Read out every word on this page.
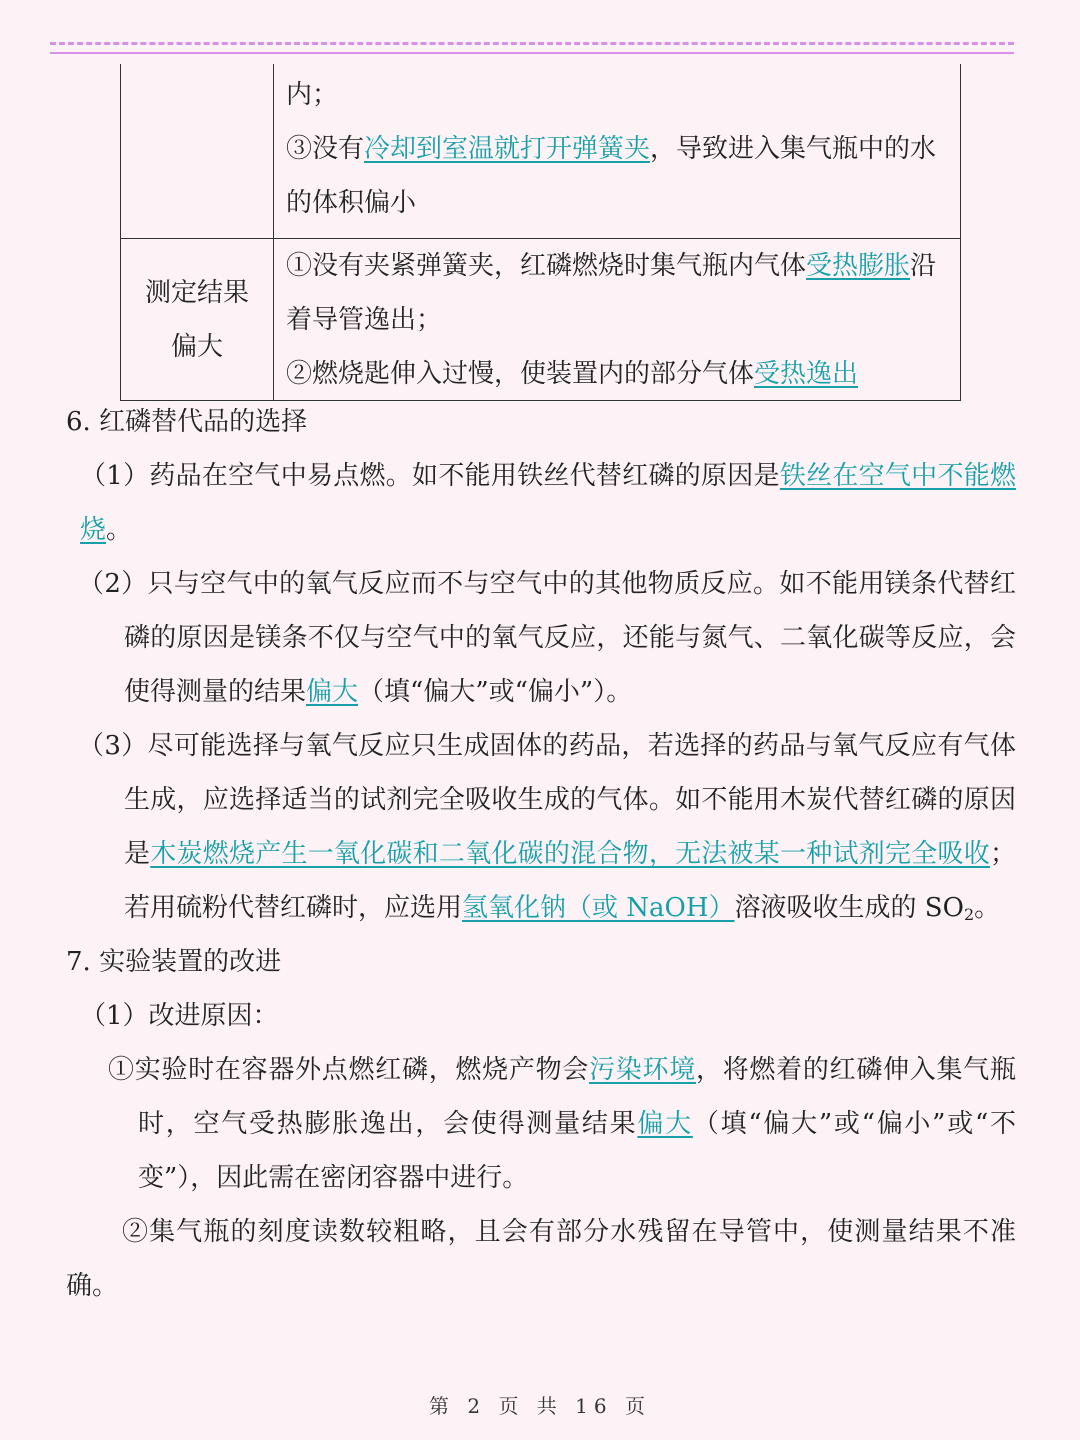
	内；
③没有冷却到室温就打开弹簧夹，导致进入集气瓶中的水的体积偏小

测定结果
偏大	①没有夹紧弹簧夹，红磷燃烧时集气瓶内气体受热膨胀沿着导管逸出；
②燃烧匙伸入过慢，使装置内的部分气体受热逸出

6. 红磷替代品的选择

（1）药品在空气中易点燃。如不能用铁丝代替红磷的原因是铁丝在空气中不能燃烧。

（2）只与空气中的氧气反应而不与空气中的其他物质反应。如不能用镁条代替红磷的原因是镁条不仅与空气中的氧气反应，还能与氮气、二氧化碳等反应，会使得测量的结果偏大（填“偏大”或“偏小”）。

（3）尽可能选择与氧气反应只生成固体的药品，若选择的药品与氧气反应有气体生成，应选择适当的试剂完全吸收生成的气体。如不能用木炭代替红磷的原因是木炭燃烧产生一氧化碳和二氧化碳的混合物，无法被某一种试剂完全吸收；若用硫粉代替红磷时，应选用氢氧化钠（或 NaOH）溶液吸收生成的 $SO_2$。

7. 实验装置的改进

（1）改进原因：

①实验时在容器外点燃红磷，燃烧产物会污染环境，将燃着的红磷伸入集气瓶时，空气受热膨胀逸出，会使得测量结果偏大（填“偏大”或“偏小”或“不变”），因此需在密闭容器中进行。

②集气瓶的刻度读数较粗略，且会有部分水残留在导管中，使测量结果不准确。

第 2 页 共 16 页
